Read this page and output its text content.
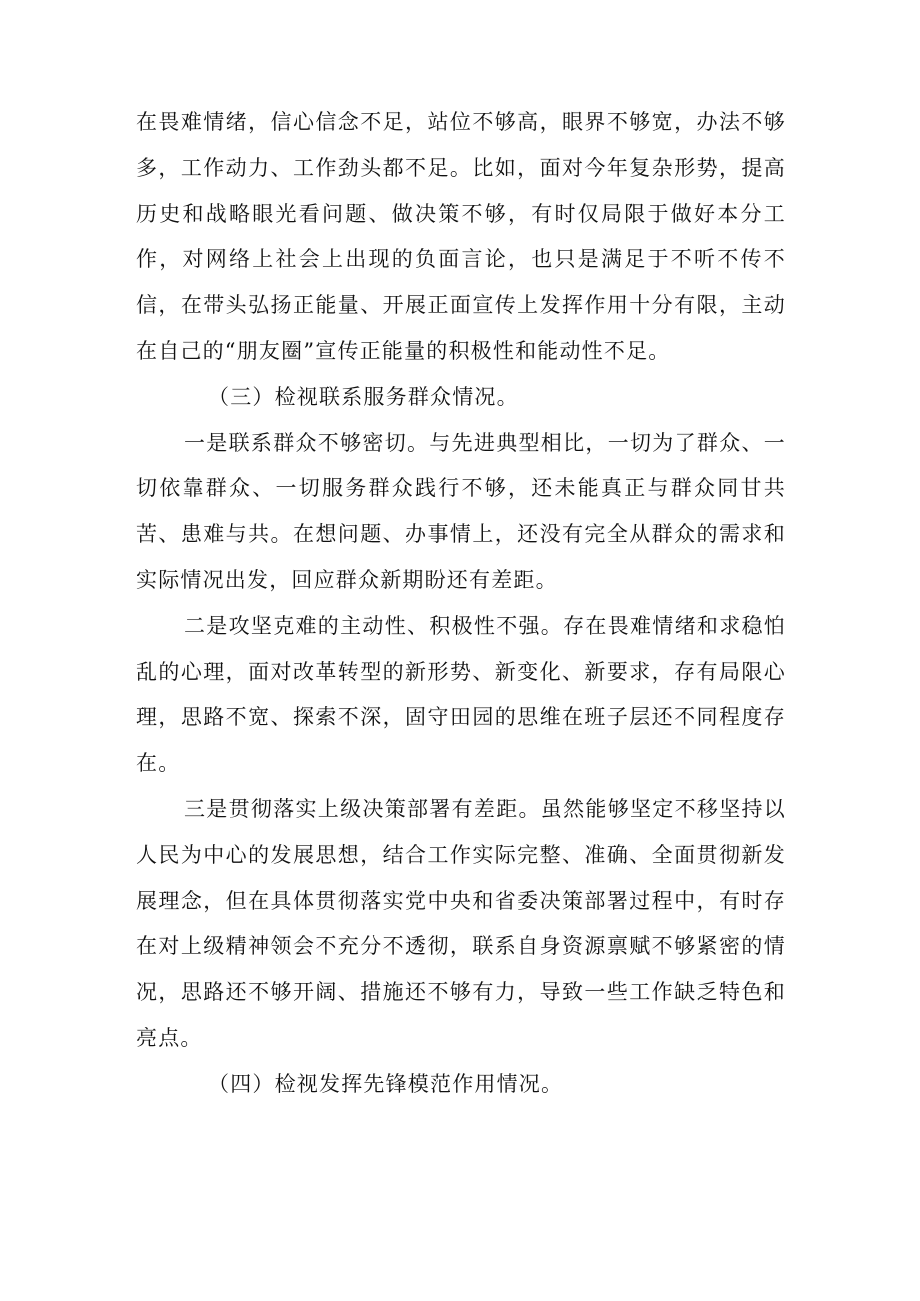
在畏难情绪，信心信念不足，站位不够高，眼界不够宽，办法不够多，工作动力、工作劲头都不足。比如，面对今年复杂形势，提高历史和战略眼光看问题、做决策不够，有时仅局限于做好本分工作，对网络上社会上出现的负面言论，也只是满足于不听不传不信，在带头弘扬正能量、开展正面宣传上发挥作用十分有限，主动在自己的“朋友圈”宣传正能量的积极性和能动性不足。

（三）检视联系服务群众情况。

一是联系群众不够密切。与先进典型相比，一切为了群众、一切依靠群众、一切服务群众践行不够，还未能真正与群众同甘共苦、患难与共。在想问题、办事情上，还没有完全从群众的需求和实际情况出发，回应群众新期盼还有差距。

二是攻坚克难的主动性、积极性不强。存在畏难情绪和求稳怕乱的心理，面对改革转型的新形势、新变化、新要求，存有局限心理，思路不宽、探索不深，固守田园的思维在班子层还不同程度存在。

三是贯彻落实上级决策部署有差距。虽然能够坚定不移坚持以人民为中心的发展思想，结合工作实际完整、准确、全面贯彻新发展理念，但在具体贯彻落实党中央和省委决策部署过程中，有时存在对上级精神领会不充分不透彻，联系自身资源禀赋不够紧密的情况，思路还不够开阔、措施还不够有力，导致一些工作缺乏特色和亮点。

（四）检视发挥先锋模范作用情况。
